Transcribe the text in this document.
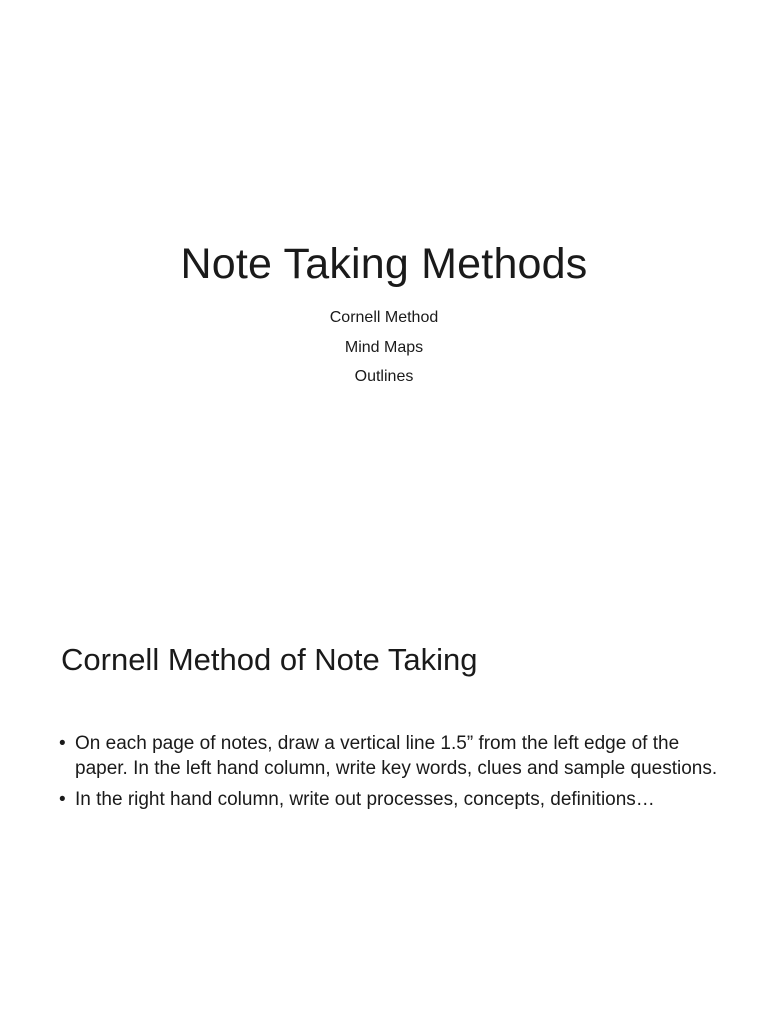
Note Taking Methods
Cornell Method
Mind Maps
Outlines
Cornell Method of Note Taking
• On each page of notes, draw a vertical line 1.5” from the left edge of the paper. In the left hand column, write key words, clues and sample questions.
• In the right hand column, write out processes, concepts, definitions…
